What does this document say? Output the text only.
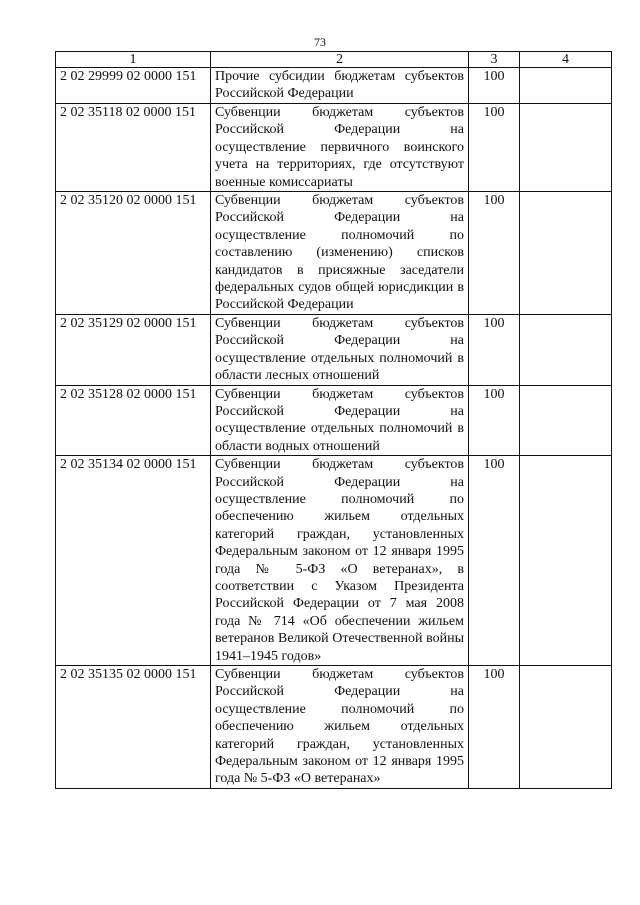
73
1	2	3	4
2 02 29999 02 0000 151	Прочие субсидии бюджетам субъектов Российской Федерации	100	
2 02 35118 02 0000 151	Субвенции бюджетам субъектов Российской Федерации на осуществление первичного воинского учета на территориях, где отсутствуют военные комиссариаты	100	
2 02 35120 02 0000 151	Субвенции бюджетам субъектов Российской Федерации на осуществление полномочий по составлению (изменению) списков кандидатов в присяжные заседатели федеральных судов общей юрисдикции в Российской Федерации	100	
2 02 35129 02 0000 151	Субвенции бюджетам субъектов Российской Федерации на осуществление отдельных полномочий в области лесных отношений	100	
2 02 35128 02 0000 151	Субвенции бюджетам субъектов Российской Федерации на осуществление отдельных полномочий в области водных отношений	100	
2 02 35134 02 0000 151	Субвенции бюджетам субъектов Российской Федерации на осуществление полномочий по обеспечению жильем отдельных категорий граждан, установленных Федеральным законом от 12 января 1995 года № 5-ФЗ «О ветеранах», в соответствии с Указом Президента Российской Федерации от 7 мая 2008 года № 714 «Об обеспечении жильем ветеранов Великой Отечественной войны 1941–1945 годов»	100	
2 02 35135 02 0000 151	Субвенции бюджетам субъектов Российской Федерации на осуществление полномочий по обеспечению жильем отдельных категорий граждан, установленных Федеральным законом от 12 января 1995 года № 5-ФЗ «О ветеранах»	100	
